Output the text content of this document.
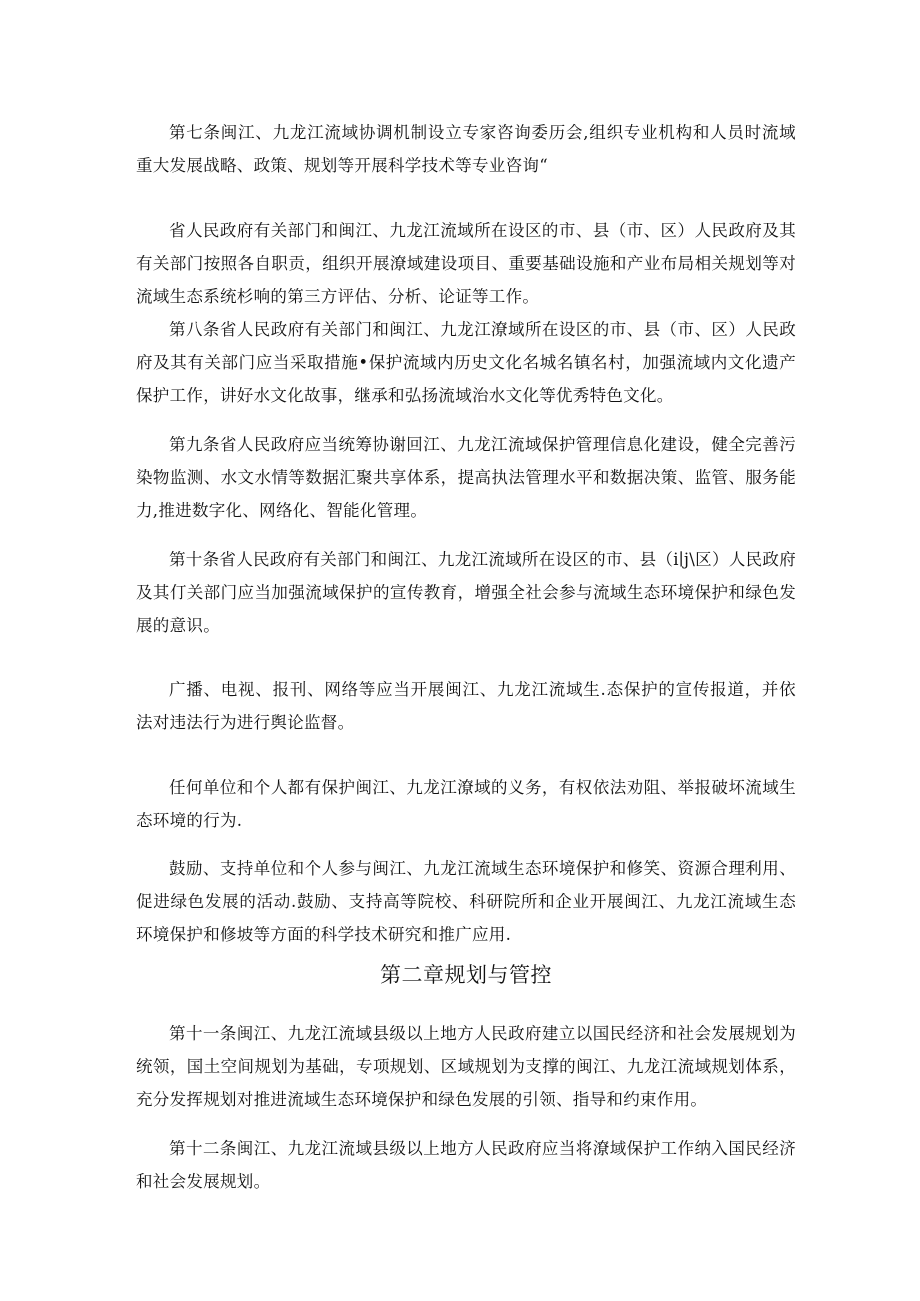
第七条闽江、九龙江流域协调机制设立专家咨询委历会,组织专业机构和人员时流域重大发展战略、政策、规划等开展科学技术等专业咨询“

省人民政府有关部门和闽江、九龙江流域所在设区的市、县（市、区）人民政府及其有关部门按照各自职贡，组织开展潦域建设项目、重要基础设施和产业布局相关规划等对流域生态系统杉响的第三方评估、分析、论证等工作。

第八条省人民政府有关部门和闽江、九龙江潦域所在设区的市、县（市、区）人民政府及其有关部门应当采取措施•保护流域内历史文化名城名镇名村，加强流域内文化遗产保护工作，讲好水文化故事，继承和弘扬流域治水文化等优秀特色文化。

第九条省人民政府应当统筹协谢回江、九龙江流域保护管理信息化建设，健全完善污染物监测、水文水情等数据汇聚共享体系，提高执法管理水平和数据决策、监管、服务能力,推进数字化、网络化、智能化管理。

第十条省人民政府有关部门和闽江、九龙江流域所在设区的市、县（i∣j\区）人民政府及其仃关部门应当加强流域保护的宣传教育，增强全社会参与流域生态环境保护和绿色发展的意识。

广播、电视、报刊、网络等应当开展闽江、九龙江流域生.态保护的宣传报道，并依法对违法行为进行舆论监督。

任何单位和个人都有保护闽江、九龙江潦域的义务，有权依法劝阻、举报破坏流域生态环境的行为.

鼓励、支持单位和个人参与闽江、九龙江流域生态环境保护和修笑、资源合理利用、促进绿色发展的活动.鼓励、支持高等院校、科研院所和企业开展闽江、九龙江流域生态环境保护和修坡等方面的科学技术研究和推广应用.

第二章规划与管控

第十一条闽江、九龙江流域县级以上地方人民政府建立以国民经济和社会发展规划为统领，国土空间规划为基础，专项规划、区域规划为支撑的闽江、九龙江流域规划体系，充分发挥规划对推进流域生态环境保护和绿色发展的引领、指导和约束作用。

第十二条闽江、九龙江流域县级以上地方人民政府应当将潦域保护工作纳入国民经济和社会发展规划。
